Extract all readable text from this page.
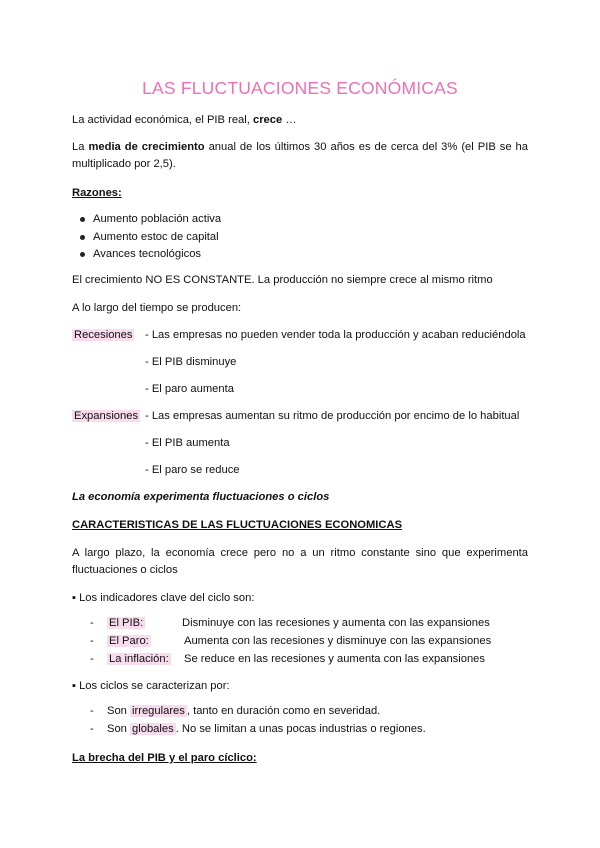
LAS FLUCTUACIONES ECONÓMICAS
La actividad económica, el PIB real, crece …
La media de crecimiento anual de los últimos 30 años es de cerca del 3% (el PIB se ha multiplicado por 2,5).
Razones:
Aumento población activa
Aumento estoc de capital
Avances tecnológicos
El crecimiento NO ES CONSTANTE. La producción no siempre crece al mismo ritmo
A lo largo del tiempo se producen:
Recesiones - Las empresas no pueden vender toda la producción y acaban reduciéndola
- El PIB disminuye
- El paro aumenta
Expansiones - Las empresas aumentan su ritmo de producción por encimo de lo habitual
- El PIB aumenta
- El paro se reduce
La economía experimenta fluctuaciones o ciclos
CARACTERISTICAS DE LAS FLUCTUACIONES ECONOMICAS
A largo plazo, la economía crece pero no a un ritmo constante sino que experimenta fluctuaciones o ciclos
▪ Los indicadores clave del ciclo son:
- El PIB:	Disminuye con las recesiones y aumenta con las expansiones
- El Paro:	Aumenta con las recesiones y disminuye con las expansiones
- La inflación: Se reduce en las recesiones y aumenta con las expansiones
▪ Los ciclos se caracterizan por:
- Son irregulares , tanto en duración como en severidad.
- Son globales . No se limitan a unas pocas industrias o regiones.
La brecha del PIB y el paro cíclico:
